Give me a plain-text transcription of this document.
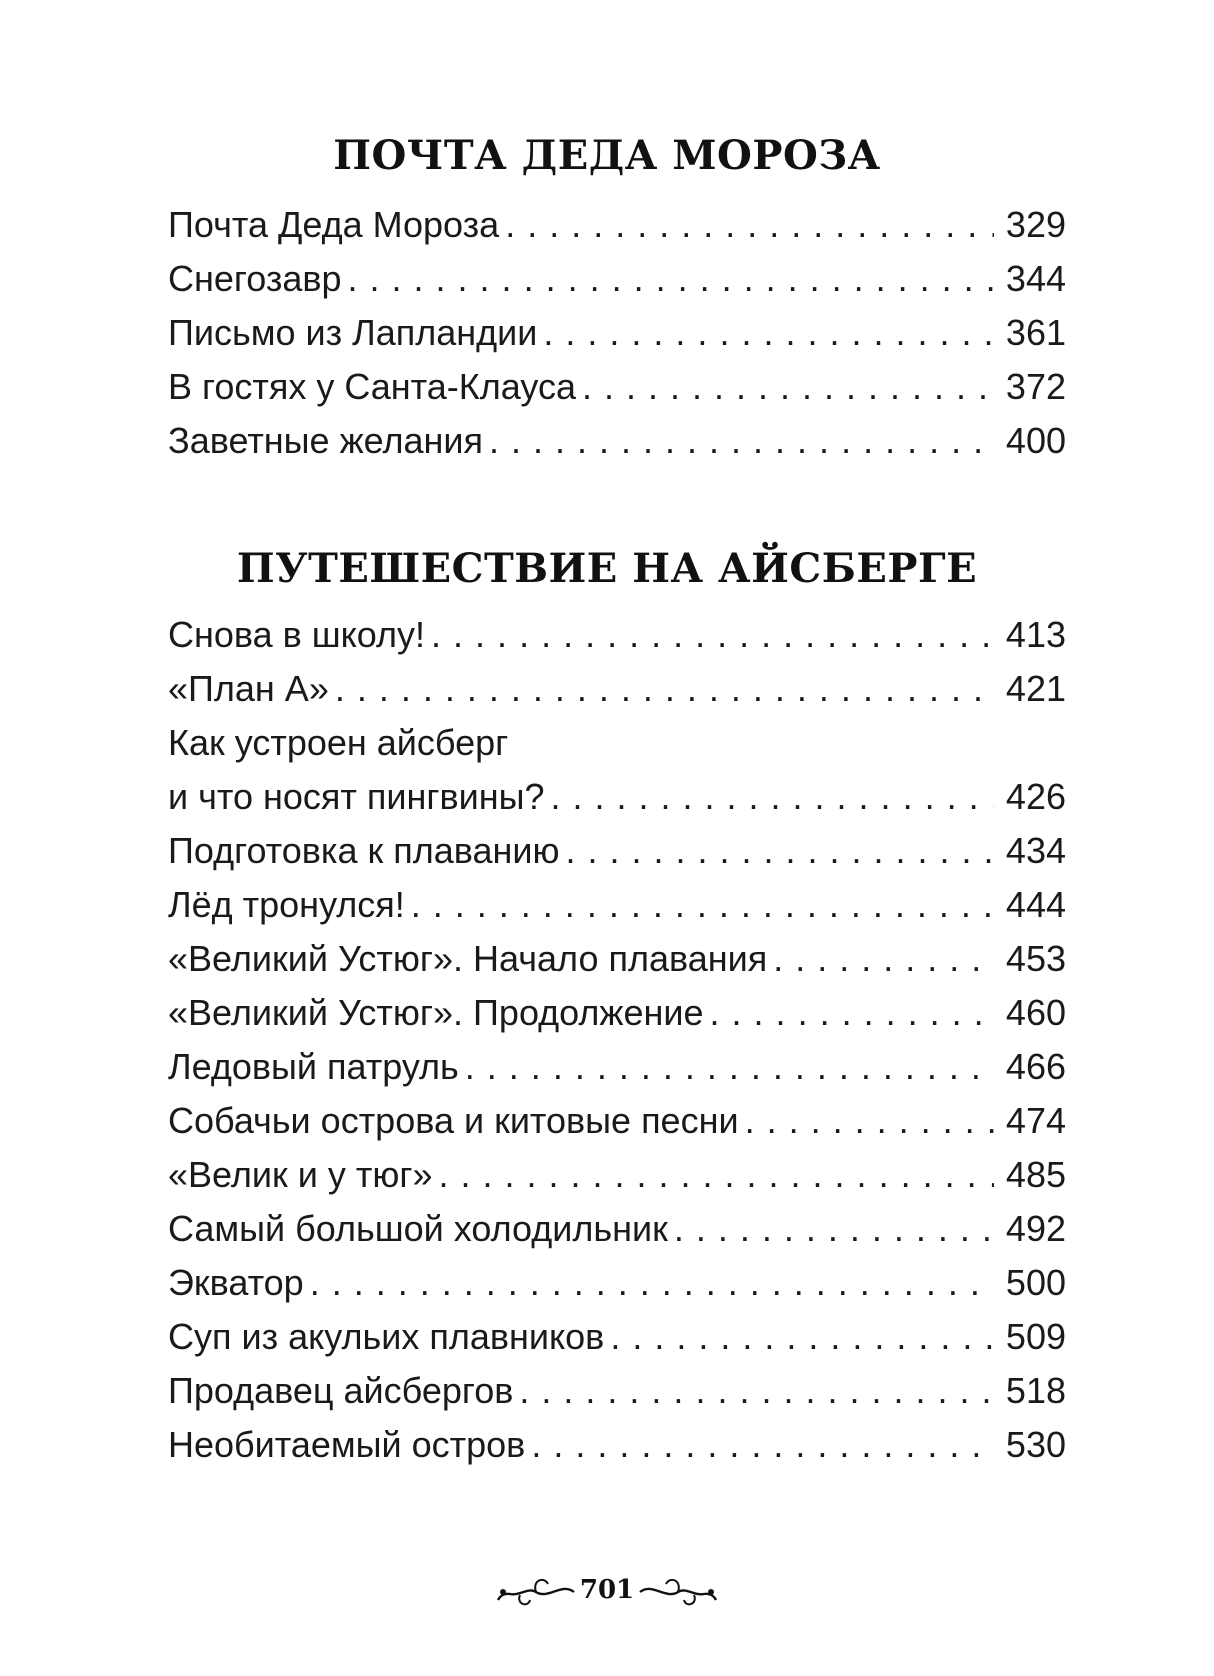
ПОЧТА ДЕДА МОРОЗА
Почта Деда Мороза . . .	329
Снегозавр . . .	344
Письмо из Лапландии . . .	361
В гостях у Санта-Клауса . . .	372
Заветные желания . . .	400
ПУТЕШЕСТВИЕ НА АЙСБЕРГЕ
Снова в школу! . . .	413
«План А» . . .	421
Как устроен айсберг
и что носят пингвины? . . .	426
Подготовка к плаванию . . .	434
Лёд тронулся! . . .	444
«Великий Устюг». Начало плавания . . .	453
«Великий Устюг». Продолжение . . .	460
Ледовый патруль . . .	466
Собачьи острова и китовые песни . . .	474
«Велик и у тюг» . . .	485
Самый большой холодильник . . .	492
Экватор . . .	500
Суп из акульих плавников . . .	509
Продавец айсбергов . . .	518
Необитаемый остров . . .	530
701
